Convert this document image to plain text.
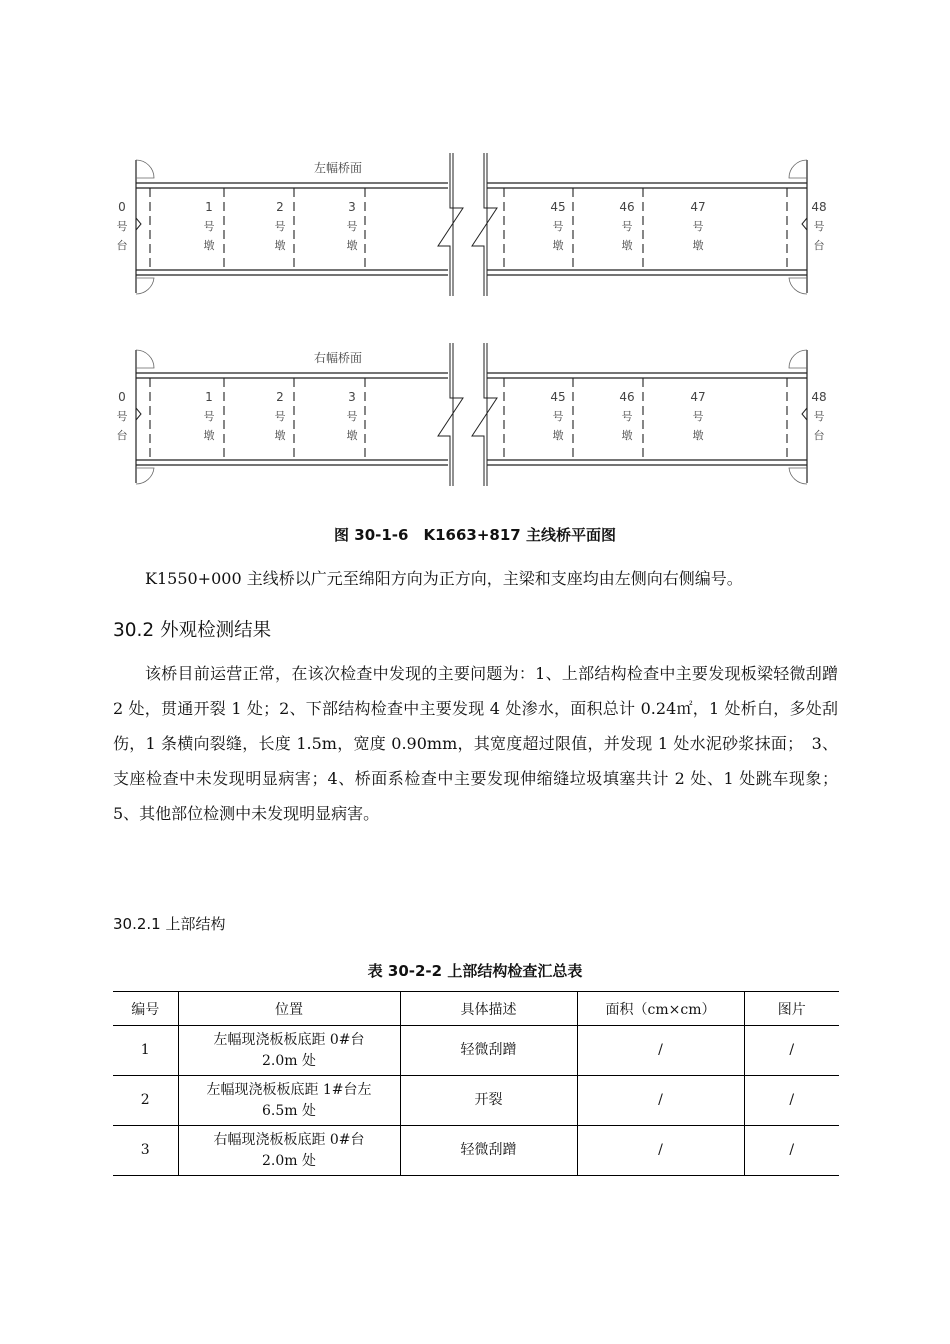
0
号
台
1
号
墩
2
号
墩
3
号
墩
45
号
墩
46
号
墩
47
号
墩
48
号
台
左幅桥面
0
号
台
1
号
墩
2
号
墩
3
号
墩
45
号
墩
46
号
墩
47
号
墩
48
号
台
右幅桥面
图 30-1-6　K1663+817 主线桥平面图

K1550+000 主线桥以广元至绵阳方向为正方向，主梁和支座均由左侧向右侧编号。

30.2 外观检测结果

该桥目前运营正常，在该次检查中发现的主要问题为：1、上部结构检查中主要发现板梁轻微刮蹭 2 处，贯通开裂 1 处；2、下部结构检查中主要发现 4 处渗水，面积总计 0.24㎡，1 处析白，多处刮伤，1 条横向裂缝，长度 1.5m，宽度 0.90mm，其宽度超过限值，并发现 1 处水泥砂浆抹面；　3、支座检查中未发现明显病害；4、桥面系检查中主要发现伸缩缝垃圾填塞共计 2 处、1 处跳车现象；5、其他部位检测中未发现明显病害。

30.2.1 上部结构
表 30-2-2 上部结构检查汇总表
编号	位置	具体描述	面积（cm×cm）	图片
1	左幅现浇板板底距 0#台
2.0m 处	轻微刮蹭	/	/
2	左幅现浇板板底距 1#台左
6.5m 处	开裂	/	/
3	右幅现浇板板底距 0#台
2.0m 处	轻微刮蹭	/	/
